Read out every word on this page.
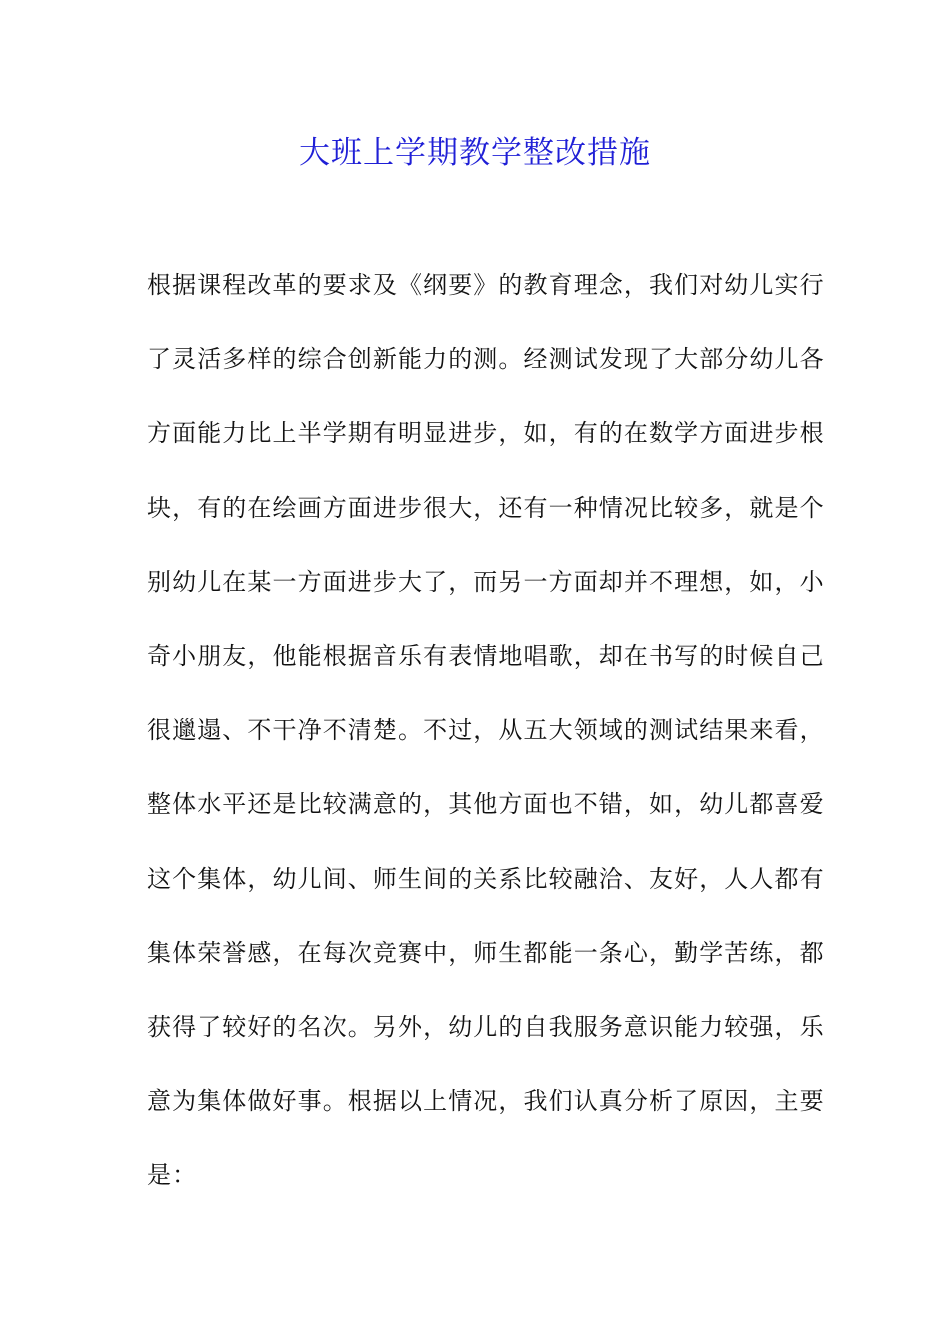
大班上学期教学整改措施
根据课程改革的要求及《纲要》的教育理念，我们对幼儿实行
了灵活多样的综合创新能力的测。经测试发现了大部分幼儿各
方面能力比上半学期有明显进步，如，有的在数学方面进步根
块，有的在绘画方面进步很大，还有一种情况比较多，就是个
别幼儿在某一方面进步大了，而另一方面却并不理想，如，小
奇小朋友，他能根据音乐有表情地唱歌，却在书写的时候自己
很邋遢、不干净不清楚。不过，从五大领域的测试结果来看，
整体水平还是比较满意的，其他方面也不错，如，幼儿都喜爱
这个集体，幼儿间、师生间的关系比较融洽、友好，人人都有
集体荣誉感，在每次竞赛中，师生都能一条心，勤学苦练，都
获得了较好的名次。另外，幼儿的自我服务意识能力较强，乐
意为集体做好事。根据以上情况，我们认真分析了原因，主要
是：
